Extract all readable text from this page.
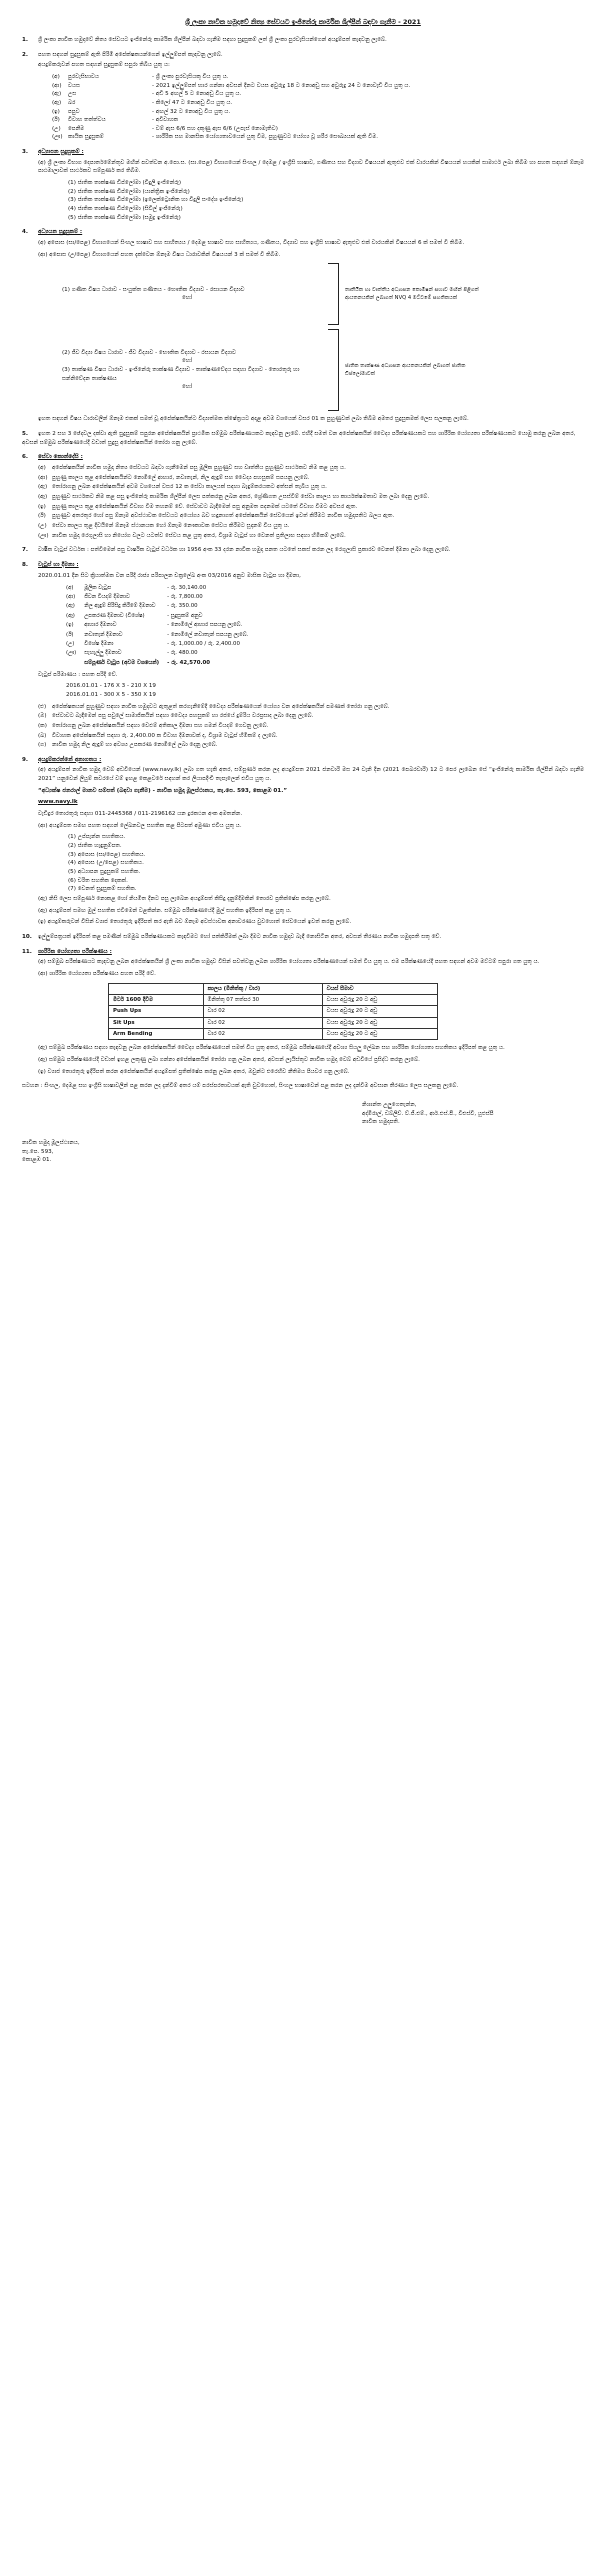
ශ්‍රී ලංකා නාවික හමුදාවේ නිත්‍ය සේවයට ඉංජිනේරු කාර්මික ශිල්පීන් බඳවා ගැනීම - 2021
1. ශ්‍රී ලංකා නාවික හමුදාවේ නිත්‍ය සේවයට ඉංජිනේරු කාර්මික ශිල්පීන් බඳවා ගැනීම සඳහා සුදුසුකම් ලත් ශ්‍රී ලංකා පුරවැසියන්ගෙන් අයදුම්පත් කැඳවනු ලැබේ.
2. පහත සඳහන් සුදුසුකම් ඇති පිරිමි අපේක්ෂකයන්ගෙන් ඉල්ලුම්පත් කැඳවනු ලැබේ.
අයදුම්කරුවන් පහත සඳහන් සුදුසුකම් සපුරා තිබිය යුතු ය:
(අ)	පුරවැසිභාවය	- ශ්‍රී ලංකා පුරවැසියකු විය යුතු ය.
(ආ)	වයස	- 2021 ඉල්ලුම්පත් භාර ගන්නා අවසන් දිනට වයස අවුරුදු 18 ට නොඅඩු සහ අවුරුදු 24 ට නොවැඩි විය යුතු ය.
(ඇ)	උස	- අඩි 5 අඟල් 5 ට නොඅඩු විය යුතු ය.
(ඈ)	බර	- කිලෝ 47 ට නොඅඩු විය යුතු ය.
(ඉ)	පපුව	- අඟල් 32 ට නොඅඩු විය යුතු ය.
(ඊ)	විවාහ තත්ත්වය	- අවිවාහක
(උ)	පෙනීම	- වම් ඇස 6/6 සහ දකුණු ඇස 6/6 (උපැස් නොමැතිව)
(ඌ) කායික සුදුසුකම්	- ශාරීරික සහ මානසික යෝග්‍යතාවයෙන් යුතු වීම, පුහුණුවට යෝග්‍ය වූ ශරීර සෞඛ්‍යයක් ඇති වීම.
3. අධ්‍යාපන සුදුසුකම් :
(අ) ශ්‍රී ලංකා විභාග දෙපාර්තමේන්තුව මඟින් පවත්වන අ.පො.ස. (සා.පෙළ) විභාගයෙන් සිංහල / දෙමළ / ඉංග්‍රීසි භාෂාව, ගණිතය සහ විද්‍යාව විෂයයන් ඇතුළුව එක් වාරයකින් විෂයයන් හයකින් සාමාර්ථ ලබා තිබීම හා පහත සඳහන් ඕනෑම පාඨමාලාවක් සාර්ථකව සම්පූර්ණ කර තිබීම.
(1) ජාතික තාක්ෂණ ඩිප්ලෝමා (විදුලි ඉංජිනේරු)
(2) ජාතික තාක්ෂණ ඩිප්ලෝමා (යාන්ත්‍රික ඉංජිනේරු)
(3) ජාතික තාක්ෂණ ඩිප්ලෝමා (ඉලෙක්ට්‍රොනික හා විදුලි සංදේශ ඉංජිනේරු)
(4) ජාතික තාක්ෂණ ඩිප්ලෝමා (සිවිල් ඉංජිනේරු)
(5) ජාතික තාක්ෂණ ඩිප්ලෝමා (සමුද්‍ර ඉංජිනේරු)
4. අධ්‍යයන සුදුසුකම් :
(අ) අපොස (සා/පෙළ) විභාගයෙන් සිංහල භාෂාව සහ සාහිත්‍යය / දෙමළ භාෂාව සහ සාහිත්‍යය, ගණිතය, විද්‍යාව සහ ඉංග්‍රීසි භාෂාව ඇතුළුව එක් වාරයකින් විෂයයන් 6 ක් සමත් වී තිබීම.
(ආ) අපොස (උ/පෙළ) විභාගයෙන් පහත දැක්වෙන ඕනෑම විෂය ධාරාවකින් විෂයයන් 3 ක් සමත් වී තිබීම.
(1) ගණිත විෂය ධාරාව - සංයුක්ත ගණිතය - භෞතික විද්‍යාව - රසායන විද්‍යාව
හෝ
තෘතීයික හා වෘත්තීය අධ්‍යාපන කොමිෂන් සභාව මඟින් පිළිගත් ආයතනයකින් ලබාගත් NVQ 4 මට්ටමේ සහතිකයක්
(2) ජීව විද්‍යා විෂය ධාරාව - ජීව විද්‍යාව - භෞතික විද්‍යාව - රසායන විද්‍යාව
හෝ
(3) තාක්ෂණ විෂය ධාරාව - ඉංජිනේරු තාක්ෂණ විද්‍යාව - තාක්ෂණවේදය සඳහා විද්‍යාව - තොරතුරු හා සන්නිවේදන තාක්ෂණය
හෝ
ජාතික තාක්ෂණ අධ්‍යාපන ආයතනයකින් ලබාගත් ජාතික ඩිප්ලෝමාවක්
ඉහත සඳහන් විෂය ධාරාවලින් ඕනෑම එකක් සමත් වූ අපේක්ෂකයින්ට විද්‍යාත්මක ක්ෂේත්‍රයට අදාළ අවම වශයෙන් වසර 01 ක පුහුණුවක් ලබා තිබීම අමතර සුදුසුකමක් ලෙස සලකනු ලැබේ.
5. ඉහත 2 සහ 3 ඡේදවල දක්වා ඇති සුදුසුකම් සපුරන අපේක්ෂකයින් ප්‍රාථමික සම්මුඛ පරීක්ෂණයකට කැඳවනු ලැබේ. එහිදී සමත් වන අපේක්ෂකයින් වෛද්‍ය පරීක්ෂණයකට සහ ශාරීරික යෝග්‍යතා පරීක්ෂණයකට යොමු කරනු ලබන අතර, අවසන් සම්මුඛ පරීක්ෂණයේදී වඩාත් සුදුසු අපේක්ෂකයින් තෝරා ගනු ලැබේ.
6. සේවා කොන්දේසි :
(අ)	අපේක්ෂකයින් නාවික හමුදා නිත්‍ය සේවයට බඳවා ගැනීමෙන් පසු මූලික පුහුණුව සහ වෘත්තීය පුහුණුව සාර්ථකව නිම කළ යුතු ය.
(ආ) පුහුණු කාලය තුළ අපේක්ෂකයින්ට නොමිලේ ආහාර, නවාතැන්, නිල ඇඳුම් සහ වෛද්‍ය පහසුකම් සපයනු ලැබේ.
(ඇ) තෝරාගනු ලබන අපේක්ෂකයින් අවම වශයෙන් වසර 12 ක සේවා කාලයක් සඳහා බැඳුම්කරයකට අත්සන් තැබිය යුතු ය.
(ඈ) පුහුණුව සාර්ථකව නිම කළ පසු ඉංජිනේරු කාර්මික ශිල්පීන් ලෙස පත්කරනු ලබන අතර, ශ්‍රේණිගත උසස්වීම් සේවා කාලය හා කාර්යක්ෂමතාව මත ලබා දෙනු ලැබේ.
(ඉ)	පුහුණු කාලය තුළ අපේක්ෂකයින් විවාහ වීම තහනම් වේ. සේවාවට බැඳීමෙන් පසු අනුමත පදනමක් යටතේ විවාහ වීමට අවසර ඇත.
(ඊ)	පුහුණුව අතරතුර හෝ පසු ඕනෑම අවස්ථාවක සේවයට අයෝග්‍ය බව හඳුනාගත් අපේක්ෂකයින් සේවයෙන් ඉවත් කිරීමට නාවික හමුදාපතිට බලය ඇත.
(උ) සේවා කාලය තුළ දිවයිනේ ඕනෑම ස්ථානයක හෝ ඕනෑම නෞකාවක සේවය කිරීමට සූදානම් විය යුතු ය.
(ඌ) නාවික හමුදා රෙගුලාසි හා නියෝග වලට යටත්ව සේවය කළ යුතු අතර, විශ්‍රාම වැටුප් හා වෙනත් ප්‍රතිලාභ සඳහා හිමිකම් ලැබේ.
7. වාර්‍ෂික වැටුප් වර්ධක : පත්වීමෙන් පසු වාර්ෂික වැටුප් වර්ධක හා 1956 අංක 33 දරන නාවික හමුදා පනත යටතේ සකස් කරන ලද රෙගුලාසි ප්‍රකාරව වෙනත් දීමනා ලබා දෙනු ලැබේ.
8. වැටුප් හා දීමනා :
2020.01.01 දින සිට ක්‍රියාත්මක වන පරිදි රාජ්‍ය පරිපාලන චක්‍රලේඛ අංක 03/2016 අනුව මාසික වැටුප හා දීමනා,
(අ)	මූලික වැටුප	- රු. 30,140.00
(ආ)	ජීවන වියදම් දීමනාව	- රු. 7,800.00
(ඇ)	නිල ඇඳුම් පිරිසිදු කිරීමේ දීමනාව	- රු. 350.00
(ඈ)	උපකරණ දීමනාව (විශේෂ)	- සුදුසුකම් අනුව
(ඉ)	ආහාර දීමනාව	- නොමිලේ ආහාර සපයනු ලැබේ.
(ඊ)	නවාතැන් දීමනාව	- නොමිලේ නවාතැන් සපයනු ලැබේ.
(උ)	විශේෂ දීමනා	- රු. 1,000.00 / රු. 2,400.00
(ඌ)	සැහැල්ලු දීමනාව	- රු. 480.00
	සම්පූර්ණ වැටුප (අවම වශයෙන්)	- රු. 42,570.00
වැටුප් පරිමාණය : පහත පරිදි වේ.
2016.01.01 - 176 X 3 - 210 X 19
2016.01.01 - 300 X 5 - 350 X 19
(එ)	අපේක්ෂකයන් පුහුණුව සඳහා නාවික හමුදාවට ඇතුළත් කරගැනීමේදී වෛද්‍ය පරීක්ෂණයෙන් යෝග්‍ය වන අපේක්ෂකයින් පමණක් තෝරා ගනු ලැබේ.
(ඔ) සේවාවට බැඳීමෙන් පසු පවුලේ සාමාජිකයින් සඳහා වෛද්‍ය පහසුකම් හා රජයේ දුම්රිය වරප්‍රසාද ලබා දෙනු ලැබේ.
(ක) තෝරාගනු ලබන අපේක්ෂකයින් සඳහා වෙළුම් අතිකාල දීමනා සහ ගමන් වියදම් ගෙවනු ලැබේ.
(ඛ)	විවාහක අපේක්ෂකයින් සඳහා රු. 2,400.00 ක විවාහ දීමනාවක් ද, විශ්‍රාම වැටුප් හිමිකම් ද ලැබේ.
(ග)	නාවික හමුදා නිල ඇඳුම් හා අවශ්‍ය උපකරණ නොමිලේ ලබා දෙනු ලැබේ.
9. අයදුම්කරන්නේ අනාගතය :
(අ) අයදුම්පත් නාවික හමුදා වෙබ් අඩවියෙන් (www.navy.lk) ලබා ගත හැකි අතර, සම්පූර්ණ කරන ලද අයදුම්පත 2021 ජනවාරි මස 24 වැනි දින (2021 පෙබරවාරි) 12 ට පෙර ලැබෙන සේ “ඉංජිනේරු කාර්මික ශිල්පීන් බඳවා ගැනීම 2021” යනුවෙන් ලියුම් කවරයේ වම් ඉහළ කෙළවරේ සඳහන් කර ලියාපදිංචි තැපෑලෙන් එවිය යුතු ය.
“අධ්‍යක්ෂ ජනරාල් මානව සම්පත් (බඳවා ගැනීම) - නාවික හමුදා මූලස්ථානය, තැ.පෙ. 593, කොළඹ 01.”
www.navy.lk
වැඩිදුර තොරතුරු සඳහා 011-2445368 / 011-2196162 යන දුරකථන අංක අමතන්න.
(ආ) අයදුම්පත සමඟ පහත සඳහන් ලේඛනවල සහතික කළ පිටපත් අමුණා එවිය යුතු ය.
(1) උප්පැන්න සහතිකය.
(2) ජාතික හැඳුනුම්පත.
(3) අපොස (සා/පෙළ) සහතිකය.
(4) අපොස (උ/පෙළ) සහතිකය.
(5) අධ්‍යාපන සුදුසුකම් සහතික.
(6) චරිත සහතික දෙකක්.
(7) වෙනත් සුදුසුකම් සහතික.
(ඇ) නිසි ලෙස සම්පූර්ණ නොකළ හෝ නියමිත දිනට පසු ලැබෙන අයදුම්පත් කිසිදු දැනුම්දීමකින් තොරව ප්‍රතික්ෂේප කරනු ලැබේ.
(ඈ) අයදුම්පත් සමඟ මුල් සහතික එවීමෙන් වළකින්න. සම්මුඛ පරීක්ෂණයේදී මුල් සහතික ඉදිරිපත් කළ යුතු ය.
(ඉ) අයදුම්කරුවන් විසින් ව්‍යාජ තොරතුරු ඉදිරිපත් කර ඇති බව ඕනෑම අවස්ථාවක අනාවරණය වුවහොත් සේවයෙන් ඉවත් කරනු ලැබේ.
10. ඉල්ලුම්පත්‍රයක් ඉදිරිපත් කළ පමණින් සම්මුඛ පරීක්ෂණයකට කැඳවීමට හෝ පත්කිරීමක් ලබා දීමට නාවික හමුදාව බැඳී නොසිටින අතර, අවසන් තීරණය නාවික හමුදාපති සතු වේ.
11. ශාරීරික යෝග්‍යතා පරීක්ෂණය :
(අ) සම්මුඛ පරීක්ෂණයට කැඳවනු ලබන අපේක්ෂකයින් ශ්‍රී ලංකා නාවික හමුදාව විසින් පවත්වනු ලබන ශාරීරික යෝග්‍යතා පරීක්ෂණයෙන් සමත් විය යුතු ය. එම පරීක්ෂණයේදී පහත සඳහන් අවම මට්ටම් සපුරා ගත යුතු ය.
(ආ) ශාරීරික යෝග්‍යතා පරීක්ෂණය පහත පරිදි වේ.
	කාලය (මිනිත්තු / වාර)	වයස් සීමාව
මීටර් 1600 දිවීම	මිනිත්තු 07 තත්පර 30	වයස අවුරුදු 20 ට අඩු
Push Ups	වාර 02	වයස අවුරුදු 20 ට අඩු
Sit Ups	වාර 02	වයස අවුරුදු 20 ට අඩු
Arm Bending	වාර 02	වයස අවුරුදු 20 ට අඩු
(ඇ) සම්මුඛ පරීක්ෂණය සඳහා කැඳවනු ලබන අපේක්ෂකයින් වෛද්‍ය පරීක්ෂණයෙන් සමත් විය යුතු අතර, සම්මුඛ පරීක්ෂණයේදී අවශ්‍ය සියලු ලේඛන සහ ශාරීරික යෝග්‍යතා සහතිකය ඉදිරිපත් කළ යුතු ය.
(ඈ) සම්මුඛ පරීක්ෂණයේදී වඩාත් ඉහළ ලකුණු ලබා ගන්නා අපේක්ෂකයින් තෝරා ගනු ලබන අතර, අවසන් ලැයිස්තුව නාවික හමුදා වෙබ් අඩවියේ ප්‍රසිද්ධ කරනු ලැබේ.
(ඉ) ව්‍යාජ තොරතුරු ඉදිරිපත් කරන අපේක්ෂකයින් අයදුම්පත් ප්‍රතික්ෂේප කරනු ලබන අතර, ඔවුන්ට එරෙහිව නීතිමය පියවර ගනු ලැබේ.
සටහන : සිංහල, දෙමළ සහ ඉංග්‍රීසි භාෂාවලින් පළ කරන ලද දැන්වීම් අතර යම් පරස්පරතාවයක් ඇති වුවහොත්, සිංහල භාෂාවෙන් පළ කරන ලද දැන්වීම අවසාන තීරණය ලෙස සලකනු ලැබේ.
නිශාන්ත උලුගෙතැන්න,
අද්මිරාල්, ඩබ්ලිව්. ව්.ජී.එම්., ආර්.එස්.පී., වීඑස්වී, යූඑස්පී
නාවික හමුදාපති.
නාවික හමුදා මූලස්ථානය,
තැ.පෙ. 593,
කොළඹ 01.
